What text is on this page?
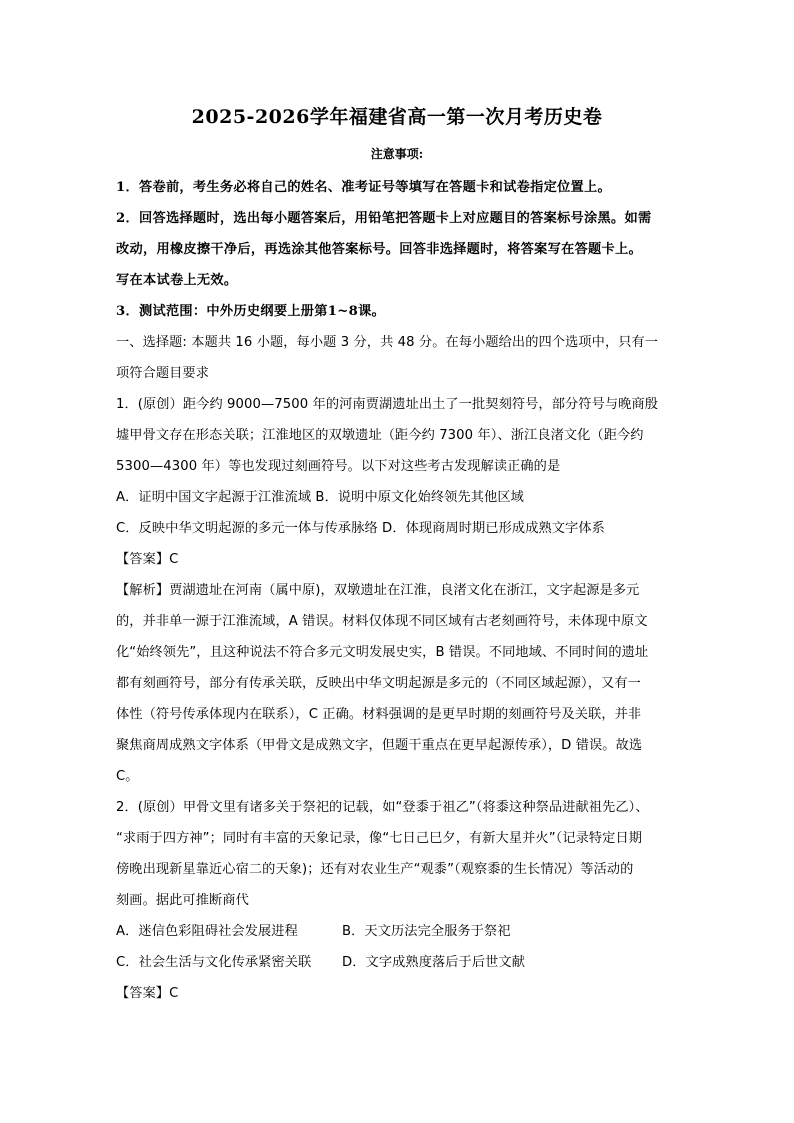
2025-2026学年福建省高一第一次月考历史卷
注意事项:
1．答卷前，考生务必将自己的姓名、准考证号等填写在答题卡和试卷指定位置上。
2．回答选择题时，选出每小题答案后，用铅笔把答题卡上对应题目的答案标号涂黑。如需
改动，用橡皮擦干净后，再选涂其他答案标号。回答非选择题时，将答案写在答题卡上。
写在本试卷上无效。
3．测试范围：中外历史纲要上册第1~8课。
一、选择题: 本题共 16 小题，每小题 3 分，共 48 分。在每小题给出的四个选项中，只有一
项符合题目要求
1．(原创）距今约 9000—7500 年的河南贾湖遗址出土了一批契刻符号，部分符号与晚商殷
墟甲骨文存在形态关联；江淮地区的双墩遗址（距今约 7300 年）、浙江良渚文化（距今约
5300—4300 年）等也发现过刻画符号。以下对这些考古发现解读正确的是
A．证明中国文字起源于江淮流域 B．说明中原文化始终领先其他区域
C．反映中华文明起源的多元一体与传承脉络 D．体现商周时期已形成成熟文字体系
【答案】C
【解析】贾湖遗址在河南（属中原)，双墩遗址在江淮，良渚文化在浙江，文字起源是多元
的，并非单一源于江淮流域，A 错误。材料仅体现不同区域有古老刻画符号，未体现中原文
化“始终领先”，且这种说法不符合多元文明发展史实，B 错误。不同地域、不同时间的遗址
都有刻画符号，部分有传承关联，反映出中华文明起源是多元的（不同区域起源），又有一
体性（符号传承体现内在联系），C 正确。材料强调的是更早时期的刻画符号及关联，并非
聚焦商周成熟文字体系（甲骨文是成熟文字，但题干重点在更早起源传承），D 错误。故选
C。
2．(原创）甲骨文里有诸多关于祭祀的记载，如“登黍于祖乙”（将黍这种祭品进献祖先乙）、
“求雨于四方神”；同时有丰富的天象记录，像“七日己巳夕，有新大星并火”（记录特定日期
傍晚出现新星靠近心宿二的天象)；还有对农业生产“观黍”（观察黍的生长情况）等活动的
刻画。据此可推断商代
A．迷信色彩阻碍社会发展进程	B．天文历法完全服务于祭祀
C．社会生活与文化传承紧密关联	D．文字成熟度落后于后世文献
【答案】C
